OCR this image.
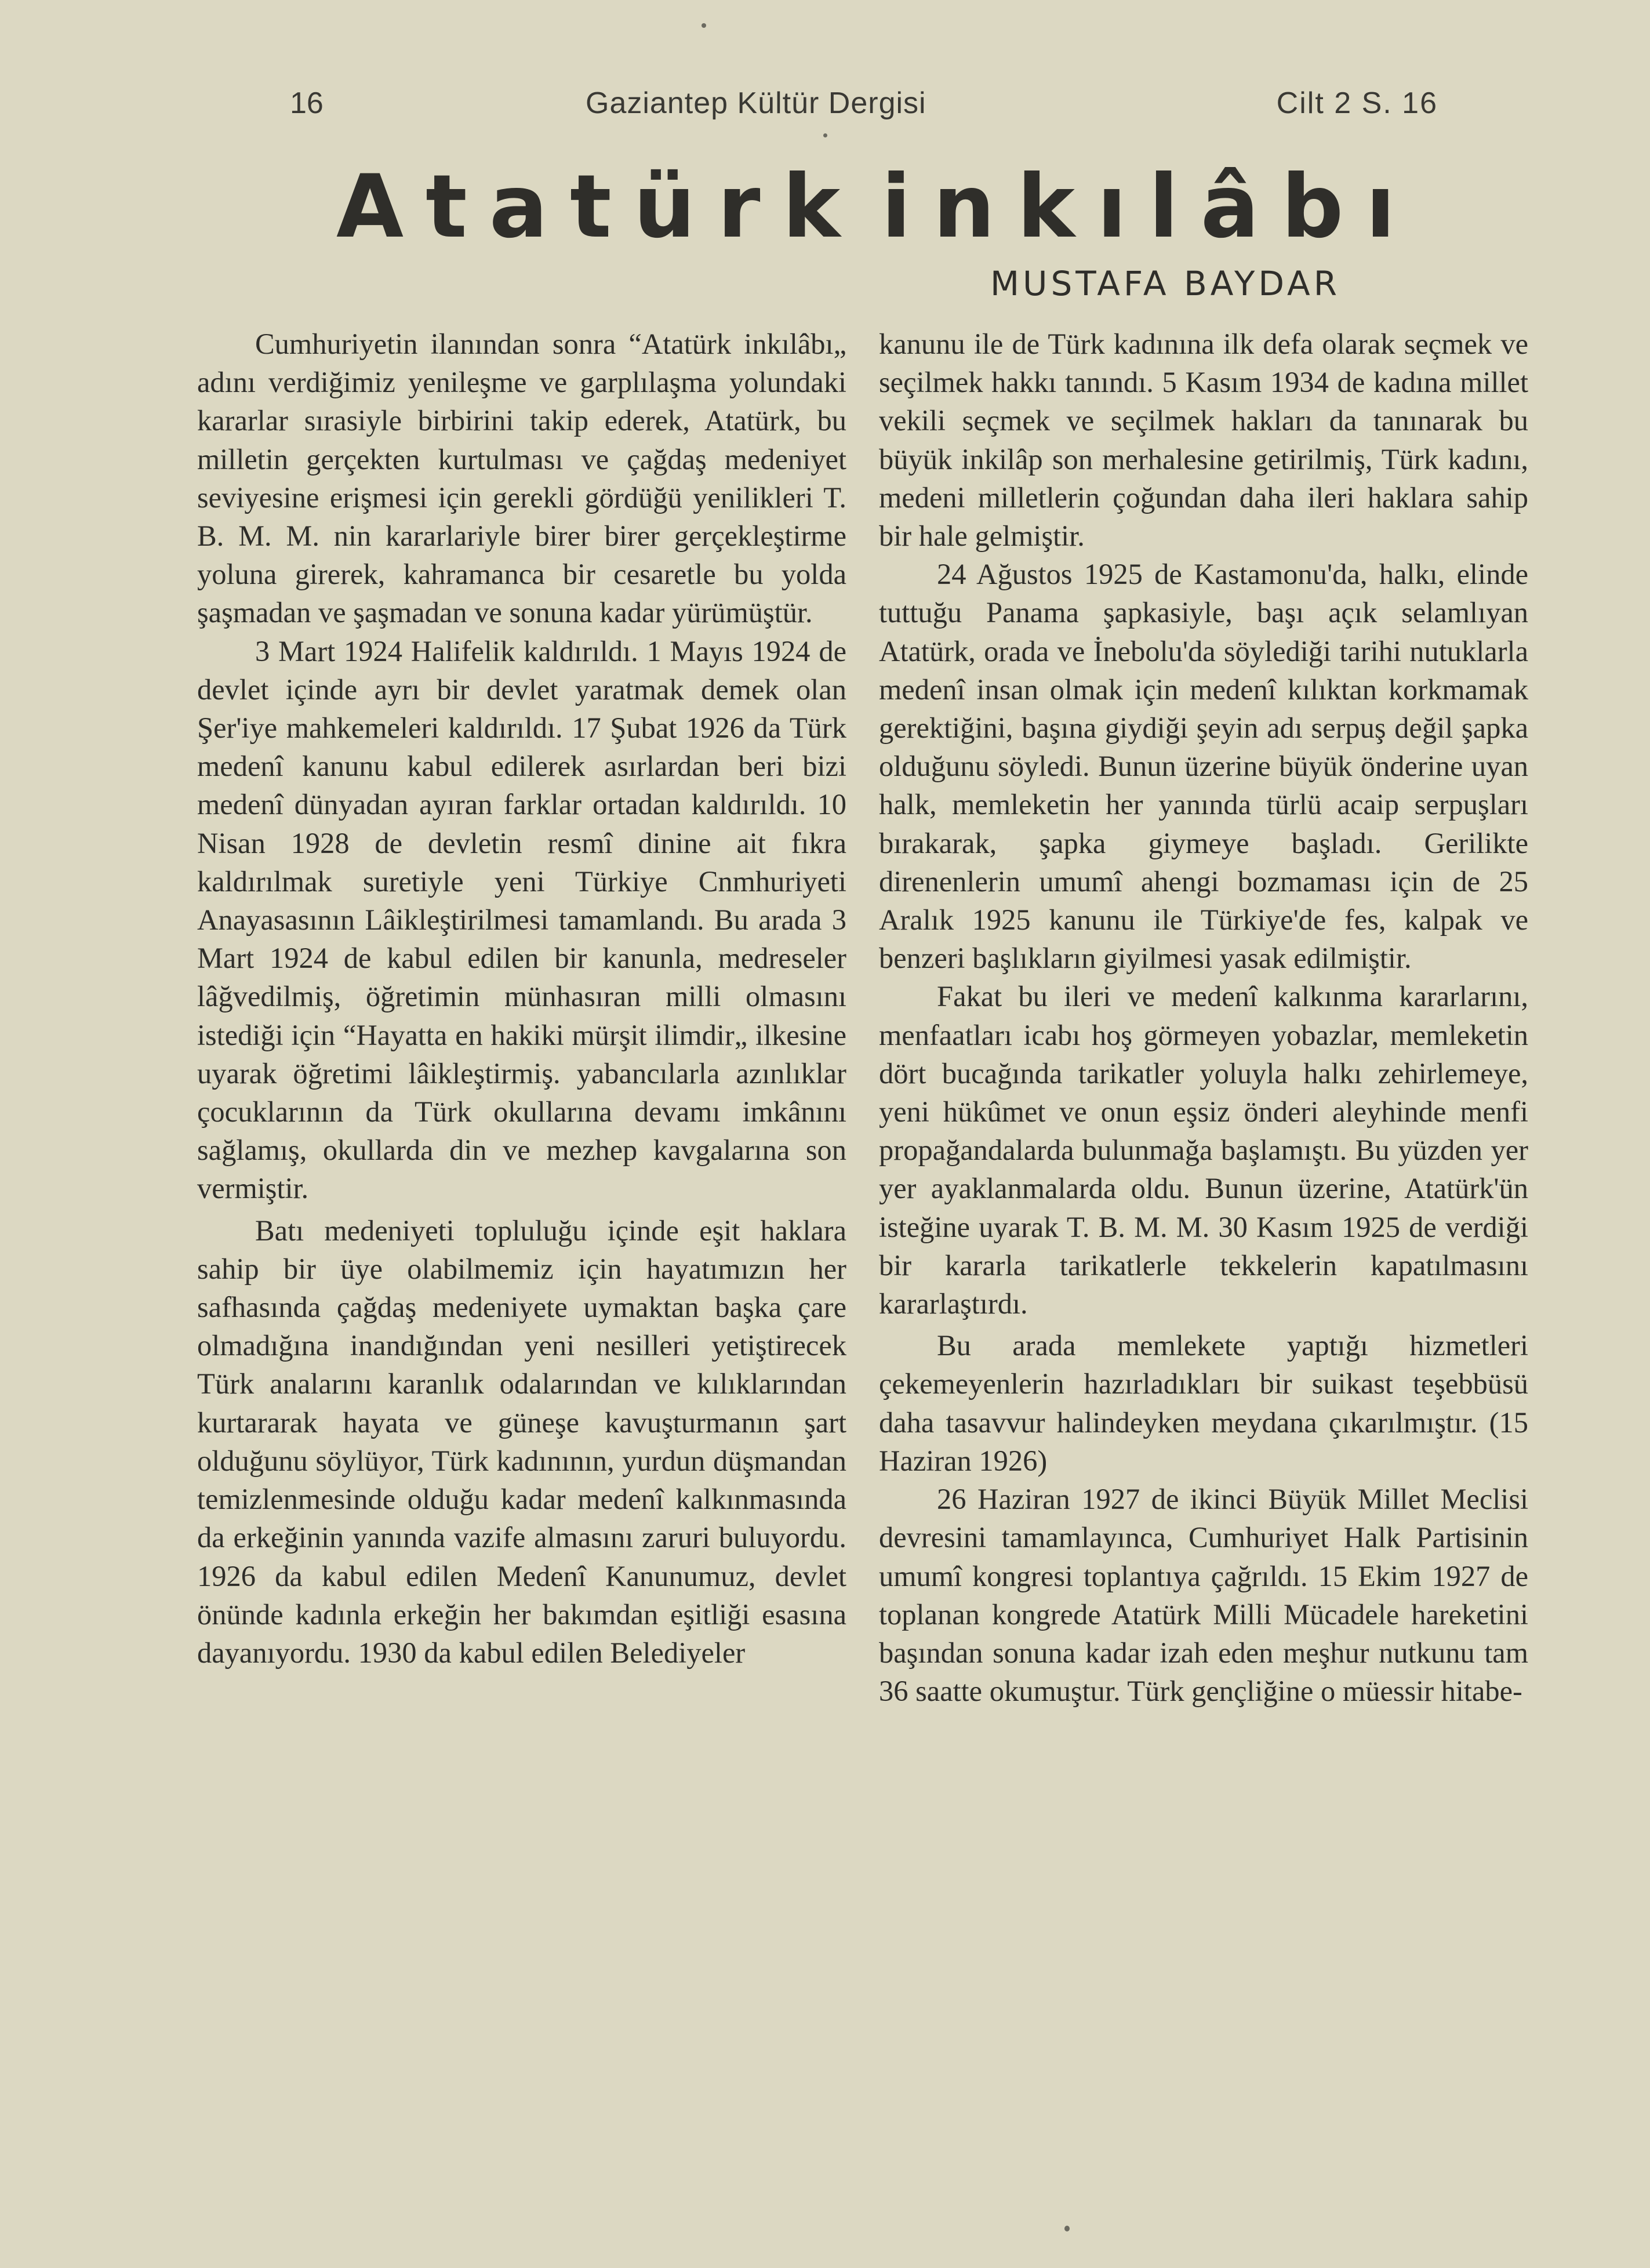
16	Gaziantep Kültür Dergisi	Cilt 2 S. 16
Atatürk inkılâbı
MUSTAFA BAYDAR

Cumhuriyetin ilanından sonra “Atatürk inkılâbı„ adını verdiğimiz yenileşme ve garplılaşma yolundaki kararlar sırasiyle birbirini takip ederek, Atatürk, bu milletin gerçekten kurtulması ve çağdaş medeniyet seviyesine erişmesi için gerekli gördüğü yenilikleri T. B. M. M. nin kararlariyle birer birer gerçekleştirme yoluna girerek, kahramanca bir cesaretle bu yolda şaşmadan ve şaşmadan ve sonuna kadar yürümüştür.

3 Mart 1924 Halifelik kaldırıldı. 1 Mayıs 1924 de devlet içinde ayrı bir devlet yaratmak demek olan Şer'iye mahkemeleri kaldırıldı. 17 Şubat 1926 da Türk medenî kanunu kabul edilerek asırlardan beri bizi medenî dünyadan ayıran farklar ortadan kaldırıldı. 10 Nisan 1928 de devletin resmî dinine ait fıkra kaldırılmak suretiyle yeni Türkiye Cnmhuriyeti Anayasasının Lâikleştirilmesi tamamlandı. Bu arada 3 Mart 1924 de kabul edilen bir kanunla, medreseler lâğvedilmiş, öğretimin münhasıran milli olmasını istediği için “Hayatta en hakiki mürşit ilimdir„ ilkesine uyarak öğretimi lâikleştirmiş. yabancılarla azınlıklar çocuklarının da Türk okullarına devamı imkânını sağlamış, okullarda din ve mezhep kavgalarına son vermiştir.

Batı medeniyeti topluluğu içinde eşit haklara sahip bir üye olabilmemiz için hayatımızın her safhasında çağdaş medeniyete uymaktan başka çare olmadığına inandığından yeni nesilleri yetiştirecek Türk analarını karanlık odalarından ve kılıklarından kurtararak hayata ve güneşe kavuşturmanın şart olduğunu söylüyor, Türk kadınının, yurdun düşmandan temizlenmesinde olduğu kadar medenî kalkınmasında da erkeğinin yanında vazife almasını zaruri buluyordu. 1926 da kabul edilen Medenî Kanunumuz, devlet önünde kadınla erkeğin her bakımdan eşitliği esasına dayanıyordu. 1930 da kabul edilen Belediyeler

kanunu ile de Türk kadınına ilk defa olarak seçmek ve seçilmek hakkı tanındı. 5 Kasım 1934 de kadına millet vekili seçmek ve seçilmek hakları da tanınarak bu büyük inkilâp son merhalesine getirilmiş, Türk kadını, medeni milletlerin çoğundan daha ileri haklara sahip bir hale gelmiştir.

24 Ağustos 1925 de Kastamonu'da, halkı, elinde tuttuğu Panama şapkasiyle, başı açık selamlıyan Atatürk, orada ve İnebolu'da söylediği tarihi nutuklarla medenî insan olmak için medenî kılıktan korkmamak gerektiğini, başına giydiği şeyin adı serpuş değil şapka olduğunu söyledi. Bunun üzerine büyük önderine uyan halk, memleketin her yanında türlü acaip serpuşları bırakarak, şapka giymeye başladı. Gerilikte direnenlerin umumî ahengi bozmaması için de 25 Aralık 1925 kanunu ile Türkiye'de fes, kalpak ve benzeri başlıkların giyilmesi yasak edilmiştir.

Fakat bu ileri ve medenî kalkınma kararlarını, menfaatları icabı hoş görmeyen yobazlar, memleketin dört bucağında tarikatler yoluyla halkı zehirlemeye, yeni hükûmet ve onun eşsiz önderi aleyhinde menfi propağandalarda bulunmağa başlamıştı. Bu yüzden yer yer ayaklanmalarda oldu. Bunun üzerine, Atatürk'ün isteğine uyarak T. B. M. M. 30 Kasım 1925 de verdiği bir kararla tarikatlerle tekkelerin kapatılmasını kararlaştırdı.

Bu arada memlekete yaptığı hizmetleri çekemeyenlerin hazırladıkları bir suikast teşebbüsü daha tasavvur halindeyken meydana çıkarılmıştır. (15 Haziran 1926)

26 Haziran 1927 de ikinci Büyük Millet Meclisi devresini tamamlayınca, Cumhuriyet Halk Partisinin umumî kongresi toplantıya çağrıldı. 15 Ekim 1927 de toplanan kongrede Atatürk Milli Mücadele hareketini başından sonuna kadar izah eden meşhur nutkunu tam 36 saatte okumuştur. Türk gençliğine o müessir hitabe-
